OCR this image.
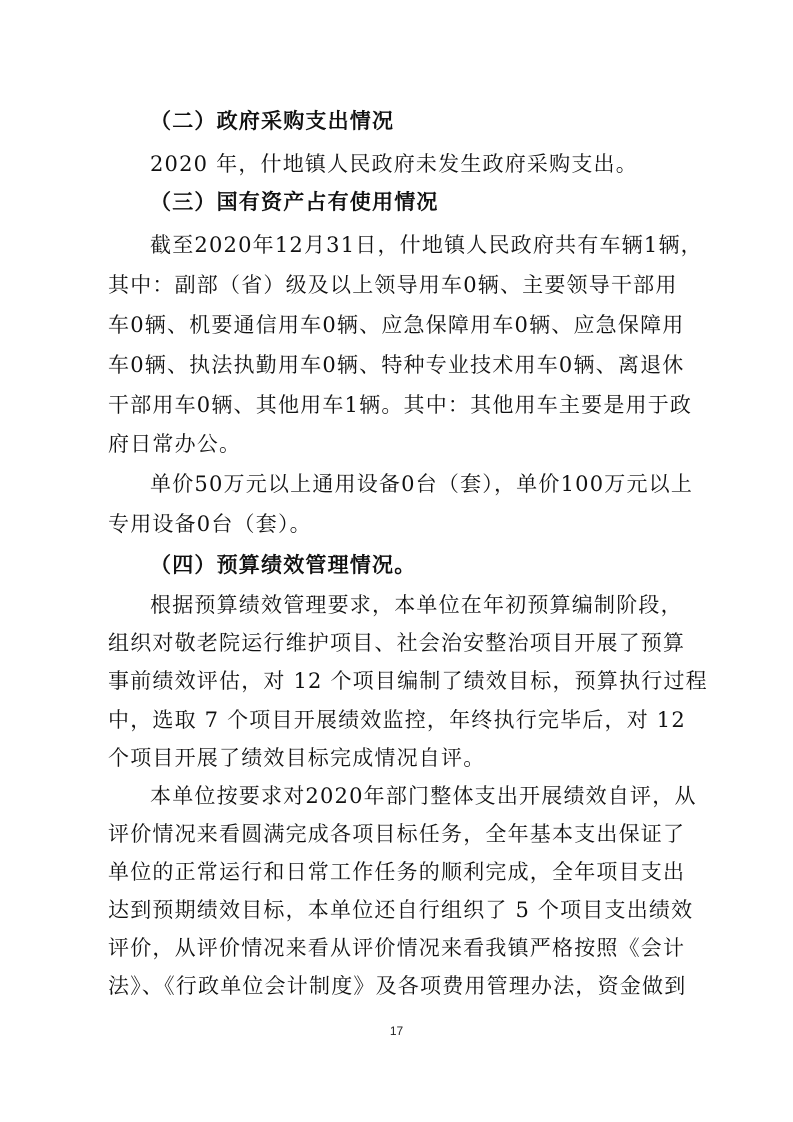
（二）政府采购支出情况
2020 年，什地镇人民政府未发生政府采购支出。
（三）国有资产占有使用情况
截至2020年12月31日，什地镇人民政府共有车辆1辆，
其中：副部（省）级及以上领导用车0辆、主要领导干部用
车0辆、机要通信用车0辆、应急保障用车0辆、应急保障用
车0辆、执法执勤用车0辆、特种专业技术用车0辆、离退休
干部用车0辆、其他用车1辆。其中：其他用车主要是用于政
府日常办公。
单价50万元以上通用设备0台（套），单价100万元以上
专用设备0台（套）。
（四）预算绩效管理情况。
根据预算绩效管理要求，本单位在年初预算编制阶段，
组织对敬老院运行维护项目、社会治安整治项目开展了预算
事前绩效评估，对 12 个项目编制了绩效目标，预算执行过程
中，选取 7 个项目开展绩效监控，年终执行完毕后，对 12
个项目开展了绩效目标完成情况自评。
本单位按要求对2020年部门整体支出开展绩效自评，从
评价情况来看圆满完成各项目标任务，全年基本支出保证了
单位的正常运行和日常工作任务的顺利完成，全年项目支出
达到预期绩效目标，本单位还自行组织了 5 个项目支出绩效
评价，从评价情况来看从评价情况来看我镇严格按照《会计
法》、《行政单位会计制度》及各项费用管理办法，资金做到
17
